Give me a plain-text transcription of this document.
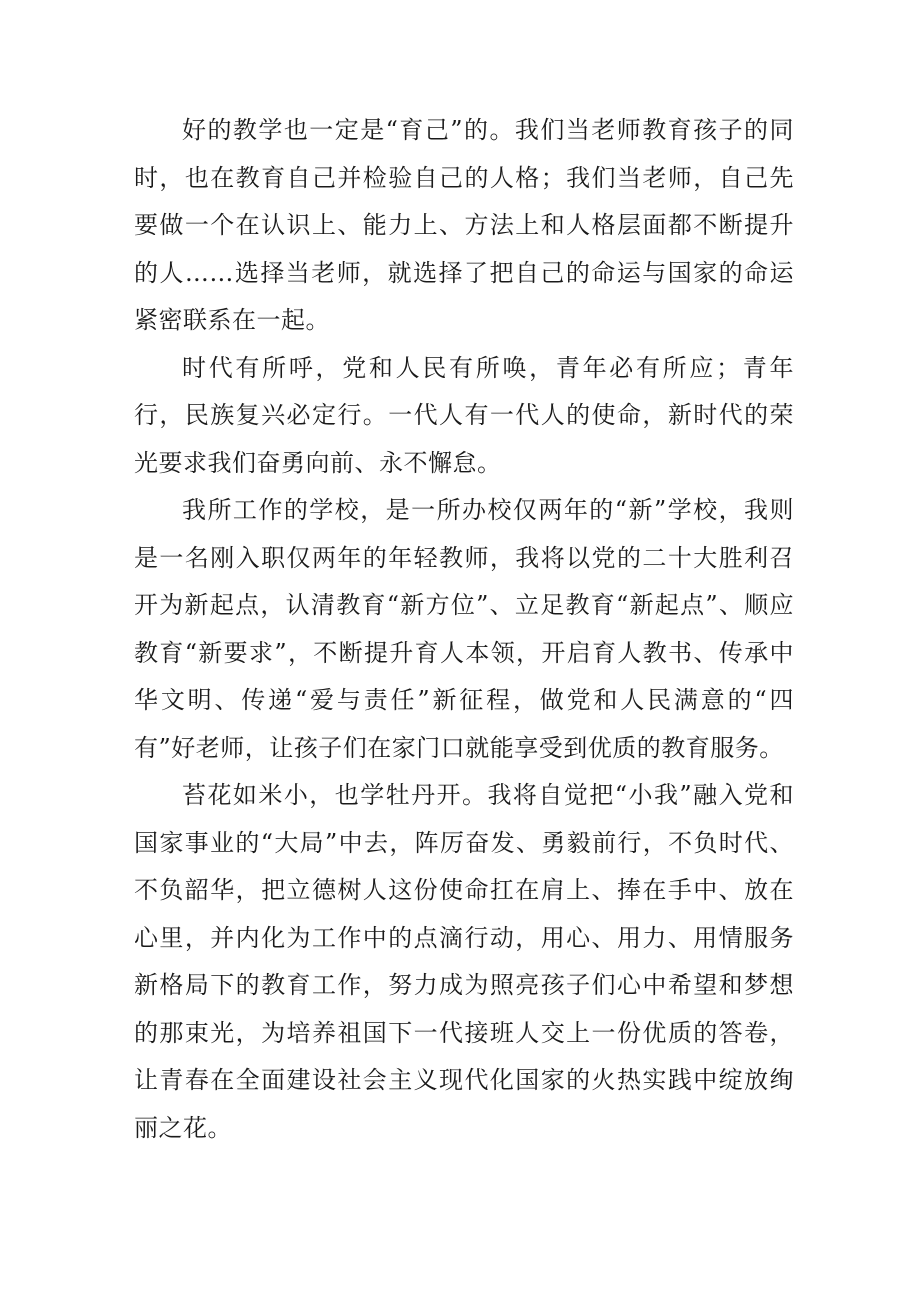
好的教学也一定是“育己”的。我们当老师教育孩子的同时，也在教育自己并检验自己的人格；我们当老师，自己先要做一个在认识上、能力上、方法上和人格层面都不断提升的人……选择当老师，就选择了把自己的命运与国家的命运紧密联系在一起。

时代有所呼，党和人民有所唤，青年必有所应；青年行，民族复兴必定行。一代人有一代人的使命，新时代的荣光要求我们奋勇向前、永不懈怠。

我所工作的学校，是一所办校仅两年的“新”学校，我则是一名刚入职仅两年的年轻教师，我将以党的二十大胜利召开为新起点，认清教育“新方位”、立足教育“新起点”、顺应教育“新要求”，不断提升育人本领，开启育人教书、传承中华文明、传递“爱与责任”新征程，做党和人民满意的“四有”好老师，让孩子们在家门口就能享受到优质的教育服务。

苔花如米小，也学牡丹开。我将自觉把“小我”融入党和国家事业的“大局”中去，阵厉奋发、勇毅前行，不负时代、不负韶华，把立德树人这份使命扛在肩上、捧在手中、放在心里，并内化为工作中的点滴行动，用心、用力、用情服务新格局下的教育工作，努力成为照亮孩子们心中希望和梦想的那束光，为培养祖国下一代接班人交上一份优质的答卷，让青春在全面建设社会主义现代化国家的火热实践中绽放绚丽之花。
